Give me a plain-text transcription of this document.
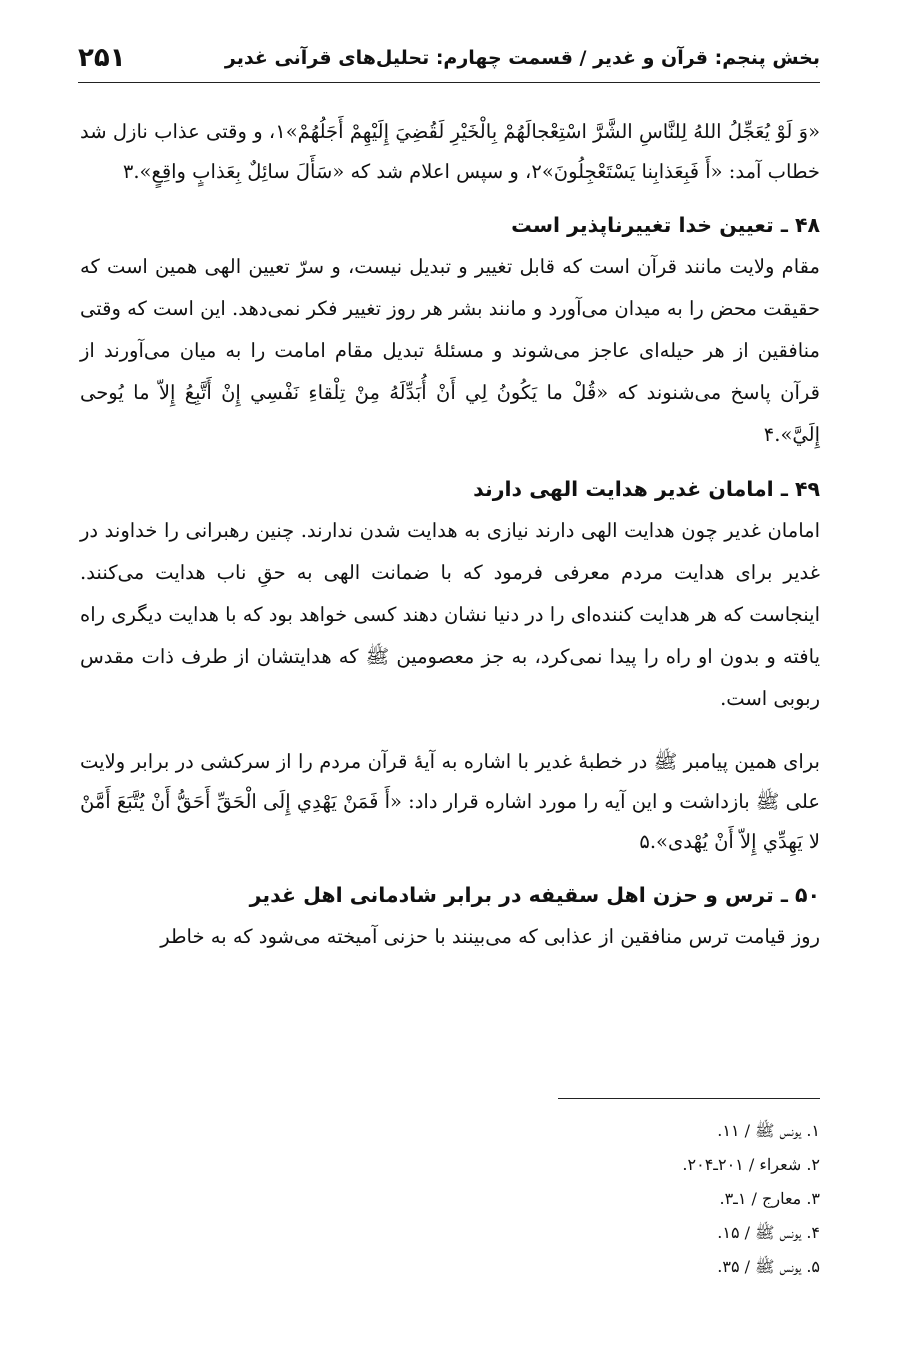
بخش پنجم: قرآن و غدیر / قسمت چهارم: تحلیل‌های قرآنی غدیر
۲۵۱

«وَ لَوْ يُعَجِّلُ اللهُ لِلنَّاسِ الشَّرَّ اسْتِعْجالَهُمْ بِالْخَيْرِ لَقُضِيَ إِلَيْهِمْ أَجَلُهُمْ»۱، و وقتی عذاب نازل شد خطاب آمد: «أَ فَبِعَذابِنا يَسْتَعْجِلُونَ»۲، و سپس اعلام شد که «سَأَلَ سائِلٌ بِعَذابٍ واقِعٍ».۳

۴۸ ـ تعیین خدا تغییرناپذیر است

مقام ولایت مانند قرآن است که قابل تغییر و تبدیل نیست، و سرّ تعیین الهی همین است که حقیقت محض را به میدان می‌آورد و مانند بشر هر روز تغییر فکر نمی‌دهد. این است که وقتی منافقین از هر حیله‌ای عاجز می‌شوند و مسئلۀ تبدیل مقام امامت را به میان می‌آورند از قرآن پاسخ می‌شنوند که «قُلْ ما يَكُونُ لِي أَنْ أُبَدِّلَهُ مِنْ تِلْقاءِ نَفْسِي إِنْ أَتَّبِعُ إِلاّ ما يُوحى إِلَيَّ».۴

۴۹ ـ امامان غدیر هدایت الهی دارند

امامان غدیر چون هدایت الهی دارند نیازی به هدایت شدن ندارند. چنین رهبرانی را خداوند در غدیر برای هدایت مردم معرفی فرمود که با ضمانت الهی به حقِ ناب هدایت می‌کنند. اینجاست که هر هدایت کننده‌ای را در دنیا نشان دهند کسی خواهد بود که با هدایت دیگری راه یافته و بدون او راه را پیدا نمی‌کرد، به جز معصومین ﷺ که هدایتشان از طرف ذات مقدس ربوبی است.

برای همین پیامبر ﷺ در خطبۀ غدیر با اشاره به آیۀ قرآن مردم را از سرکشی در برابر ولایت علی ﷺ بازداشت و این آیه را مورد اشاره قرار داد: «أَ فَمَنْ يَهْدِي إِلَى الْحَقِّ أَحَقُّ أَنْ يُتَّبَعَ أَمَّنْ لا يَهِدِّي إِلاّ أَنْ يُهْدى».۵

۵۰ ـ ترس و حزن اهل سقیفه در برابر شادمانی اهل غدیر

روز قیامت ترس منافقین از عذابی که می‌بینند با حزنی آمیخته می‌شود که به خاطر

۱. یونس ﷺ / ۱۱.
۲. شعراء / ۲۰۱ـ۲۰۴.
۳. معارج / ۱ـ۳.
۴. یونس ﷺ / ۱۵.
۵. یونس ﷺ / ۳۵.
